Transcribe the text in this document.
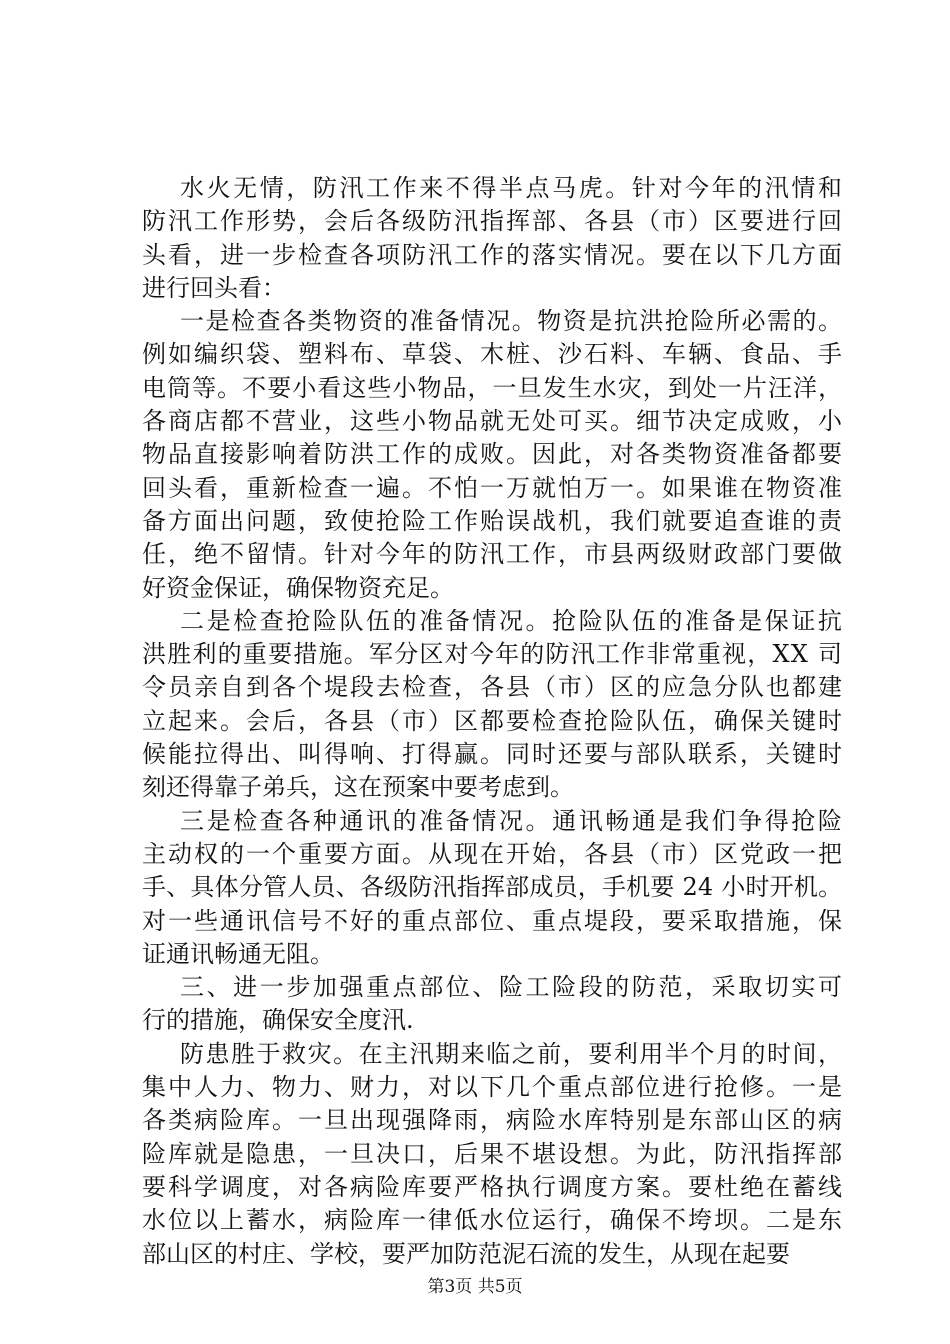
水火无情，防汛工作来不得半点马虎。针对今年的汛情和
防汛工作形势，会后各级防汛指挥部、各县（市）区要进行回
头看，进一步检查各项防汛工作的落实情况。要在以下几方面
进行回头看：
一是检查各类物资的准备情况。物资是抗洪抢险所必需的。
例如编织袋、塑料布、草袋、木桩、沙石料、车辆、食品、手
电筒等。不要小看这些小物品，一旦发生水灾，到处一片汪洋，
各商店都不营业，这些小物品就无处可买。细节决定成败，小
物品直接影响着防洪工作的成败。因此，对各类物资准备都要
回头看，重新检查一遍。不怕一万就怕万一。如果谁在物资准
备方面出问题，致使抢险工作贻误战机，我们就要追查谁的责
任，绝不留情。针对今年的防汛工作，市县两级财政部门要做
好资金保证，确保物资充足。
二是检查抢险队伍的准备情况。抢险队伍的准备是保证抗
洪胜利的重要措施。军分区对今年的防汛工作非常重视，XX 司
令员亲自到各个堤段去检查，各县（市）区的应急分队也都建
立起来。会后，各县（市）区都要检查抢险队伍，确保关键时
候能拉得出、叫得响、打得赢。同时还要与部队联系，关键时
刻还得靠子弟兵，这在预案中要考虑到。
三是检查各种通讯的准备情况。通讯畅通是我们争得抢险
主动权的一个重要方面。从现在开始，各县（市）区党政一把
手、具体分管人员、各级防汛指挥部成员，手机要 24 小时开机。
对一些通讯信号不好的重点部位、重点堤段，要采取措施，保
证通讯畅通无阻。
三、进一步加强重点部位、险工险段的防范，采取切实可
行的措施，确保安全度汛.
防患胜于救灾。在主汛期来临之前，要利用半个月的时间，
集中人力、物力、财力，对以下几个重点部位进行抢修。一是
各类病险库。一旦出现强降雨，病险水库特别是东部山区的病
险库就是隐患，一旦决口，后果不堪设想。为此，防汛指挥部
要科学调度，对各病险库要严格执行调度方案。要杜绝在蓄线
水位以上蓄水，病险库一律低水位运行，确保不垮坝。二是东
部山区的村庄、学校，要严加防范泥石流的发生，从现在起要
第3页 共5页
